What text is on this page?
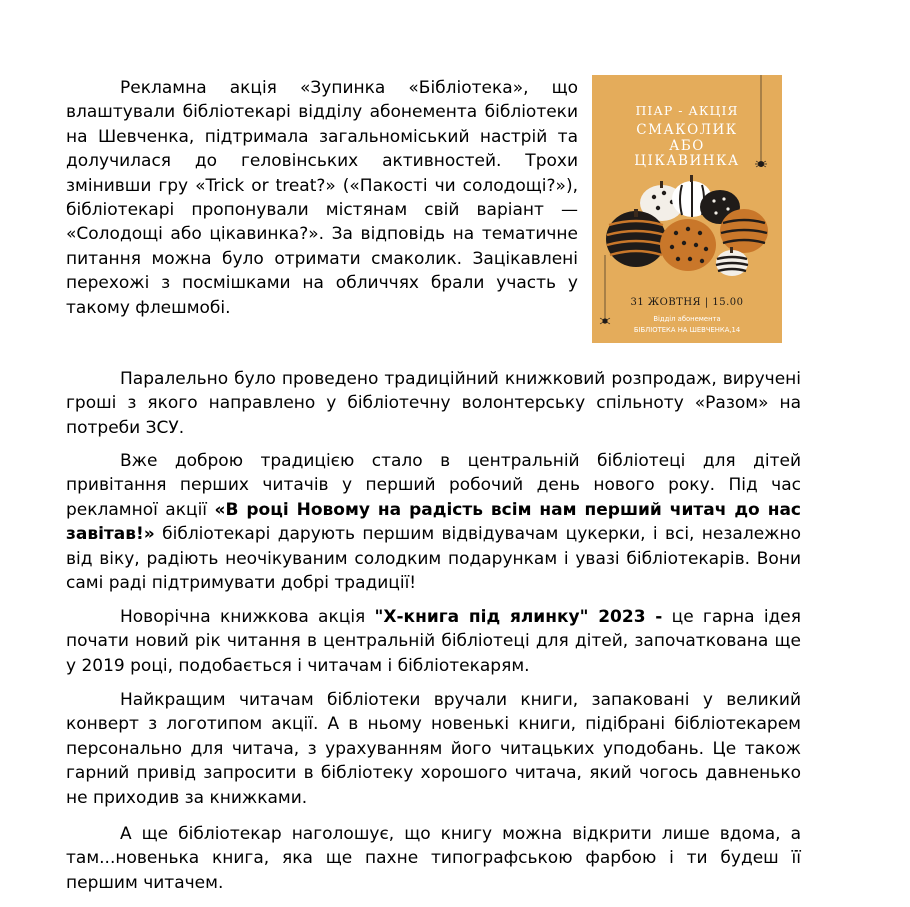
Рекламна акція «Зупинка «Бібліотека», що влаштували бібліотекарі відділу абонемента бібліотеки на Шевченка, підтримала загальноміський настрій та долучилася до геловінських активностей. Трохи змінивши гру «Trick or treat?» («Пакості чи солодощі?»), бібліотекарі пропонували містянам свій варіант — «Солодощі або цікавинка?». За відповідь на тематичне питання можна було отримати смаколик. Зацікавлені перехожі з посмішками на обличчях брали участь у такому флешмобі.

ПІАР - АКЦІЯ
СМАКОЛИК
АБО
ЦІКАВИНКА
31 ЖОВТНЯ | 15.00
Відділ абонемента
БІБЛІОТЕКА НА ШЕВЧЕНКА,14

Паралельно було проведено традиційний книжковий розпродаж, виручені гроші з якого направлено у бібліотечну волонтерську спільноту «Разом» на потреби ЗСУ.

Вже доброю традицією стало в центральній бібліотеці для дітей привітання перших читачів у перший робочий день нового року. Під час рекламної акції «В році Новому на радість всім нам перший читач до нас завітав!» бібліотекарі дарують першим відвідувачам цукерки, і всі, незалежно від віку, радіють неочікуваним солодким подарункам і увазі бібліотекарів. Вони самі раді підтримувати добрі традиції!

Новорічна книжкова акція "Х-книга під ялинку" 2023 - це гарна ідея почати новий рік читання в центральній бібліотеці для дітей, започаткована ще у 2019 році, подобається і читачам і бібліотекарям.

Найкращим читачам бібліотеки вручали книги, запаковані у великий конверт з логотипом акції. А в ньому новенькі книги, підібрані бібліотекарем персонально для читача, з урахуванням його читацьких уподобань. Це також гарний привід запросити в бібліотеку хорошого читача, який чогось давненько не приходив за книжками.

А ще бібліотекар наголошує, що книгу можна відкрити лише вдома, а там...новенька книга, яка ще пахне типографською фарбою і ти будеш її першим читачем.
